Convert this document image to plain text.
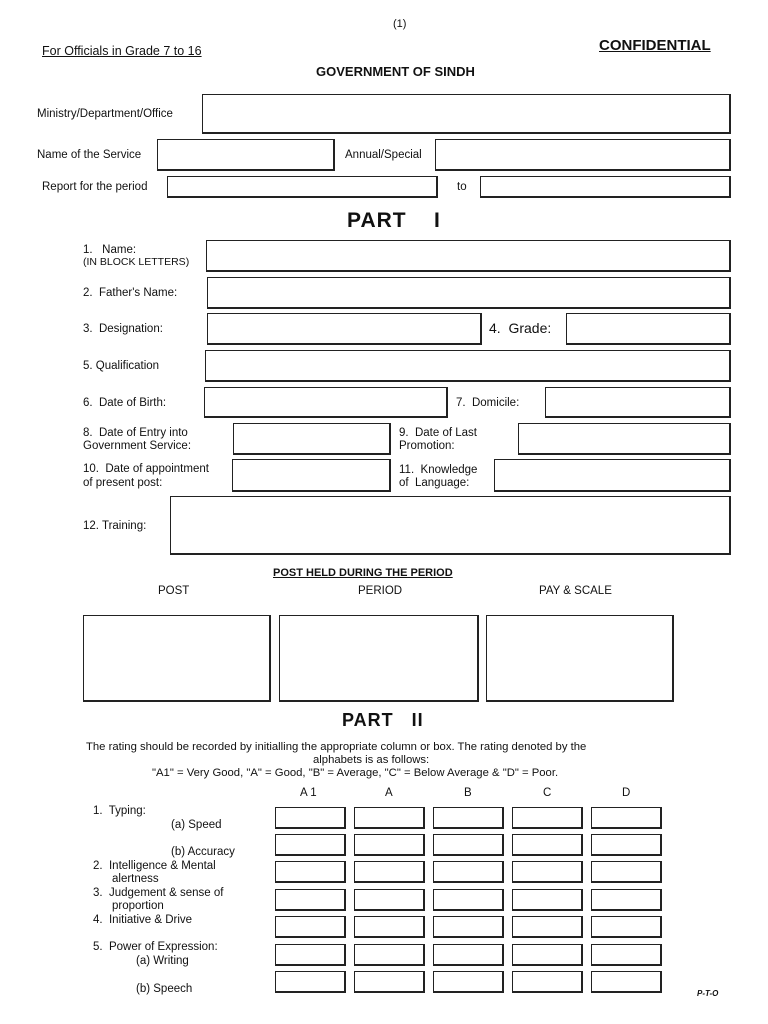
(1)
For Officials in Grade 7 to 16	CONFIDENTIAL
GOVERNMENT OF SINDH
Ministry/Department/Office
Name of the Service	Annual/Special
Report for the period	to
PART    I
1.   Name:
(IN BLOCK LETTERS)
2.  Father's Name:
3.  Designation:	4.  Grade:
5. Qualification
6.  Date of Birth:	7.  Domicile:
8.  Date of Entry into
Government Service:
9.  Date of Last
Promotion:
10.  Date of appointment
of present post:
11.  Knowledge
of  Language:
12. Training:
POST HELD DURING THE PERIOD
POST	PERIOD	PAY & SCALE
PART   II
The rating should be recorded by initialling the appropriate column or box. The rating denoted by the
alphabets is as follows:
"A1" = Very Good, "A" = Good, "B" = Average, "C" = Below Average & "D" = Poor.
A 1	A	B	C	D
1.  Typing:
(a) Speed
(b) Accuracy
2.  Intelligence & Mental
alertness
3.  Judgement & sense of
proportion
4.  Initiative & Drive
5.  Power of Expression:
(a) Writing
(b) Speech	P-T-O
